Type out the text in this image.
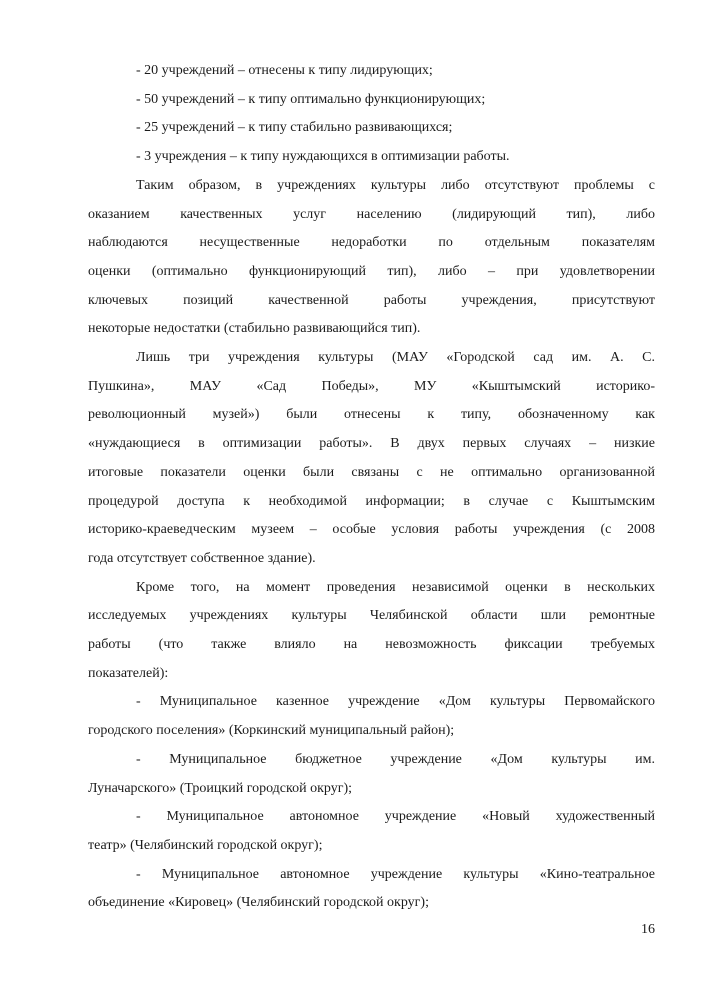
- 20 учреждений – отнесены к типу лидирующих;
- 50 учреждений – к типу оптимально функционирующих;
- 25 учреждений – к типу стабильно развивающихся;
- 3 учреждения – к типу нуждающихся в оптимизации работы.
Таким образом, в учреждениях культуры либо отсутствуют проблемы с
оказанием качественных услуг населению (лидирующий тип), либо
наблюдаются несущественные недоработки по отдельным показателям
оценки (оптимально функционирующий тип), либо – при удовлетворении
ключевых позиций качественной работы учреждения, присутствуют
некоторые недостатки (стабильно развивающийся тип).
Лишь три учреждения культуры (МАУ «Городской сад им. А. С.
Пушкина», МАУ «Сад Победы», МУ «Кыштымский историко-
революционный музей») были отнесены к типу, обозначенному как
«нуждающиеся в оптимизации работы». В двух первых случаях – низкие
итоговые показатели оценки были связаны с не оптимально организованной
процедурой доступа к необходимой информации; в случае с Кыштымским
историко-краеведческим музеем – особые условия работы учреждения (с 2008
года отсутствует собственное здание).
Кроме того, на момент проведения независимой оценки в нескольких
исследуемых учреждениях культуры Челябинской области шли ремонтные
работы (что также влияло на невозможность фиксации требуемых
показателей):
- Муниципальное казенное учреждение «Дом культуры Первомайского
городского поселения» (Коркинский муниципальный район);
- Муниципальное бюджетное учреждение «Дом культуры им.
Луначарского» (Троицкий городской округ);
- Муниципальное автономное учреждение «Новый художественный
театр» (Челябинский городской округ);
- Муниципальное автономное учреждение культуры «Кино-театральное
объединение «Кировец» (Челябинский городской округ);
16
